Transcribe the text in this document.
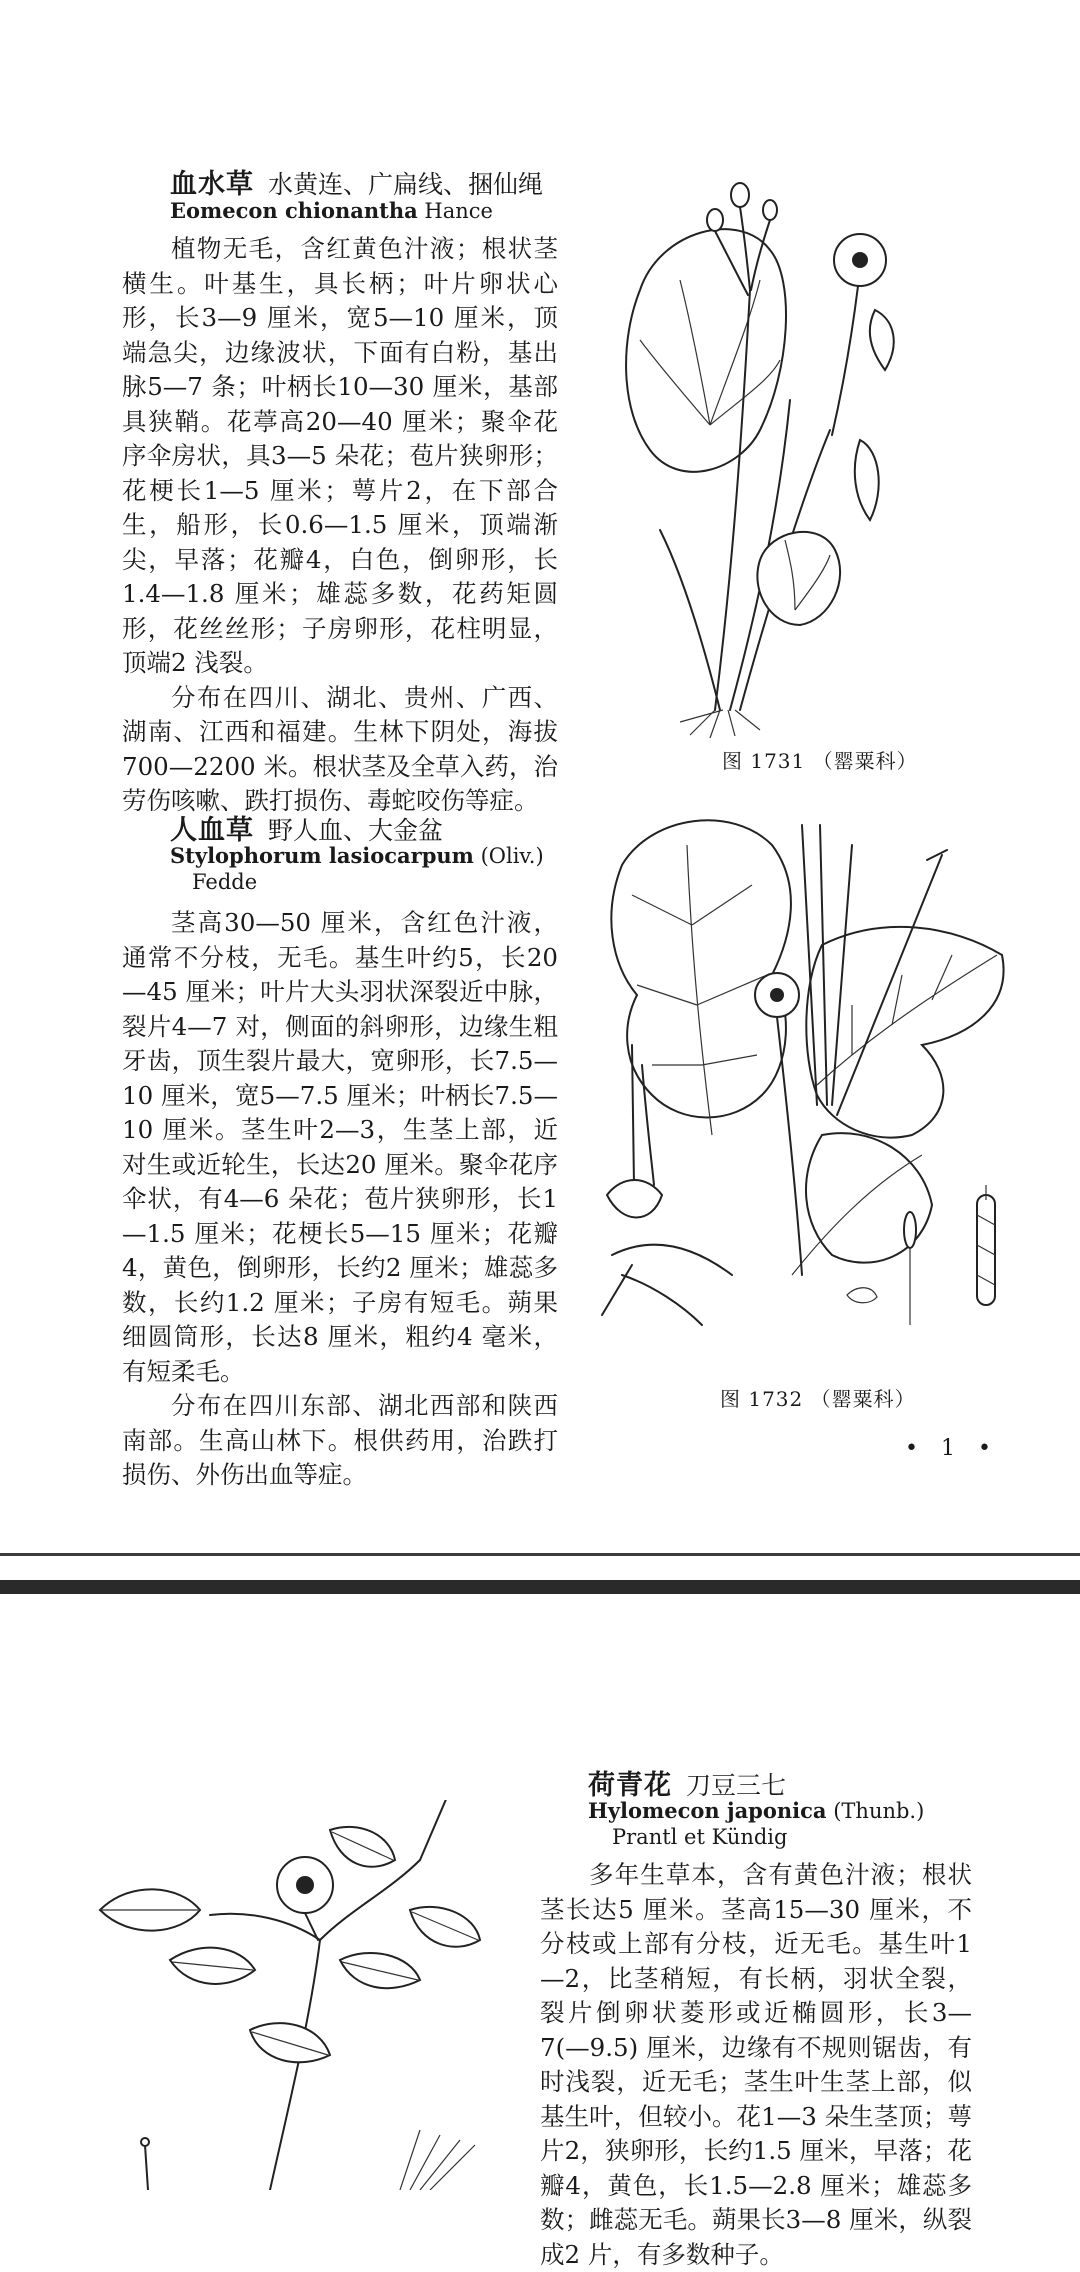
血水草 水黄连、广扁线、捆仙绳
Eomecon chionantha Hance

植物无毛，含红黄色汁液；根状茎横生。叶基生，具长柄；叶片卵状心形，长3—9 厘米，宽5—10 厘米，顶端急尖，边缘波状，下面有白粉，基出脉5—7 条；叶柄长10—30 厘米，基部具狭鞘。花葶高20—40 厘米；聚伞花序伞房状，具3—5 朵花；苞片狭卵形；花梗长1—5 厘米；萼片2，在下部合生，船形，长0.6—1.5 厘米，顶端渐尖，早落；花瓣4，白色，倒卵形，长1.4—1.8 厘米；雄蕊多数，花药矩圆形，花丝丝形；子房卵形，花柱明显，顶端2 浅裂。

分布在四川、湖北、贵州、广西、湖南、江西和福建。生林下阴处，海拔700—2200 米。根状茎及全草入药，治劳伤咳嗽、跌打损伤、毒蛇咬伤等症。

图 1731 （罂粟科）
人血草 野人血、大金盆
Stylophorum lasiocarpum (Oliv.)
Fedde

茎高30—50 厘米，含红色汁液，通常不分枝，无毛。基生叶约5，长20—45 厘米；叶片大头羽状深裂近中脉，裂片4—7 对，侧面的斜卵形，边缘生粗牙齿，顶生裂片最大，宽卵形，长7.5—10 厘米，宽5—7.5 厘米；叶柄长7.5—10 厘米。茎生叶2—3，生茎上部，近对生或近轮生，长达20 厘米。聚伞花序伞状，有4—6 朵花；苞片狭卵形，长1—1.5 厘米；花梗长5—15 厘米；花瓣4，黄色，倒卵形，长约2 厘米；雄蕊多数，长约1.2 厘米；子房有短毛。蒴果细圆筒形，长达8 厘米，粗约4 毫米，有短柔毛。

分布在四川东部、湖北西部和陕西南部。生高山林下。根供药用，治跌打损伤、外伤出血等症。

图 1732 （罂粟科）
• 1 •
荷青花 刀豆三七
Hylomecon japonica (Thunb.)
Prantl et Kündig

多年生草本，含有黄色汁液；根状茎长达5 厘米。茎高15—30 厘米，不分枝或上部有分枝，近无毛。基生叶1—2，比茎稍短，有长柄，羽状全裂，裂片倒卵状菱形或近椭圆形，长3—7(—9.5) 厘米，边缘有不规则锯齿，有时浅裂，近无毛；茎生叶生茎上部，似基生叶，但较小。花1—3 朵生茎顶；萼片2，狭卵形，长约1.5 厘米，早落；花瓣4，黄色，长1.5—2.8 厘米；雄蕊多数；雌蕊无毛。蒴果长3—8 厘米，纵裂成2 片，有多数种子。
